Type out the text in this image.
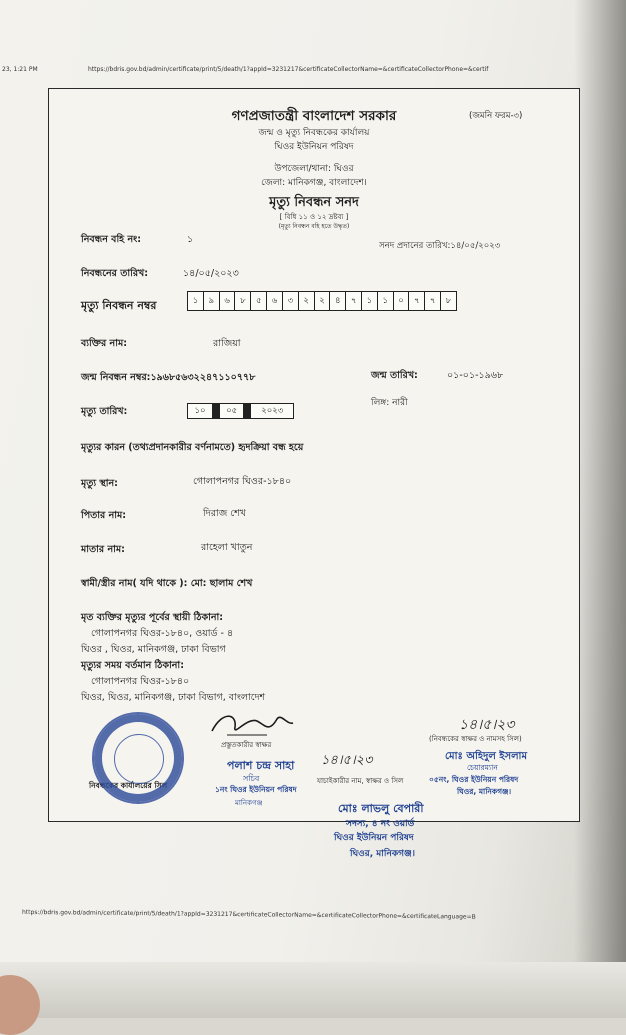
23, 1:21 PM	https://bdris.gov.bd/admin/certificate/print/5/death/1?appId=3231217&certificateCollectorName=&certificateCollectorPhone=&certif
https://bdris.gov.bd/admin/certificate/print/5/death/1?appId=3231217&certificateCollectorName=&certificateCollectorPhone=&certificateLanguage=B
গণপ্রজাতন্ত্রী বাংলাদেশ সরকার	(জমনি ফরম-৩)
জন্ম ও মৃত্যু নিবন্ধকের কার্যালয়
ঘিওর ইউনিয়ন পরিষদ
উপজেলা/থানা: ঘিওর
জেলা: মানিকগঞ্জ, বাংলাদেশ।
মৃত্যু নিবন্ধন সনদ
[ বিধি ১১ ও ১২ দ্রষ্টব্য ]
(মৃত্যু নিবন্ধন বহি হতে উদ্ধৃত)
নিবন্ধন বহি নং:	১
সনদ প্রদানের তারিখ:১৪/০৫/২০২৩
নিবন্ধনের তারিখ:	১৪/০৫/২০২৩
মৃত্যু নিবন্ধন নম্বর	১	৯	৬	৮	৫	৬	৩	২	২	৪	৭	১	১	০	৭	৭	৮
ব্যক্তির নাম:	রাজিয়া
জন্ম নিবন্ধন নম্বর:১৯৬৮৫৬৩২২৪৭১১০৭৭৮	জন্ম তারিখ:	০১-০১-১৯৬৮
লিঙ্গ: নারী
মৃত্যু তারিখ:	১০	০৫	২০২৩
মৃত্যুর কারন (তথ্যপ্রদানকারীর বর্ণনামতে) হৃদক্রিয়া বন্ধ হয়ে
মৃত্যু স্থান:	গোলাপনগর ঘিওর-১৮৪০
পিতার নাম:	দিরাজ শেখ
মাতার নাম:	রাহেলা খাতুন
স্বামী/স্ত্রীর নাম( যদি থাকে ): মো: ছালাম শেখ
মৃত ব্যক্তির মৃত্যুর পূর্বের স্থায়ী ঠিকানা:
গোলাপনগর ঘিওর-১৮৪০, ওয়ার্ড - ৪
ঘিওর , ঘিওর, মানিকগঞ্জ, ঢাকা বিভাগ
মৃত্যুর সময় বর্তমান ঠিকানা:
গোলাপনগর ঘিওর-১৮৪০
ঘিওর, ঘিওর, মানিকগঞ্জ, ঢাকা বিভাগ, বাংলাদেশ
প্রস্তুতকারীর স্বাক্ষর
১৪।৫।২৩
(নিবন্ধকের স্বাক্ষর ও নামসহ সিল)
পলাশ চন্দ্র সাহা
সচিব
১নং ঘিওর ইউনিয়ন পরিষদ
মানিকগঞ্জ
১৪।৫।২৩
যাচাইকারীর নাম, স্বাক্ষর ও সিল
মোঃ অহিদুল ইসলাম
চেয়ারম্যান
০৫নং, ঘিওর ইউনিয়ন পরিষদ
ঘিওর, মানিকগঞ্জ।
নিবন্ধকের কার্যালয়ের সিল
মোঃ লাভলু বেপারী
সদস্য, ৪ নং ওয়ার্ড
ঘিওর ইউনিয়ন পরিষদ
ঘিওর, মানিকগঞ্জ।
